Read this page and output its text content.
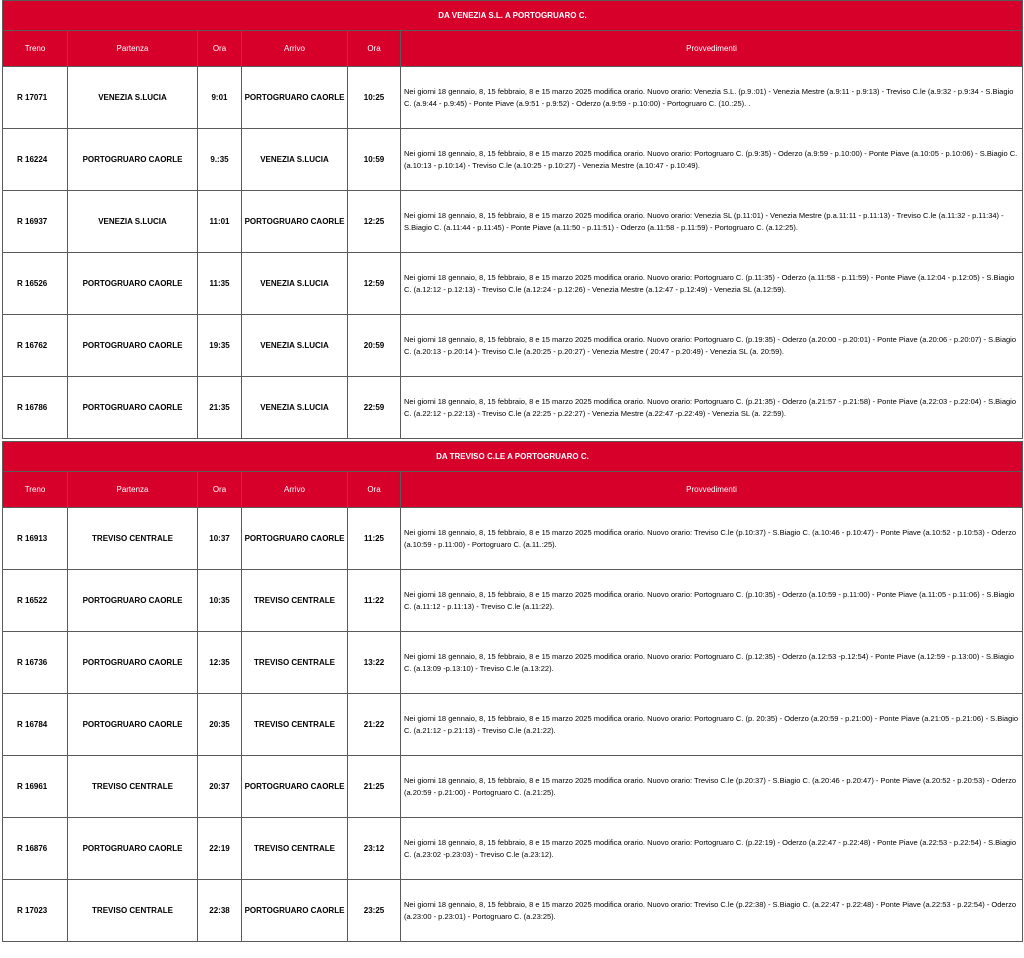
DA VENEZIA S.L. A PORTOGRUARO C.					
Treno	Partenza	Ora	Arrivo	Ora	Provvedimenti
R 17071	VENEZIA S.LUCIA	9:01	PORTOGRUARO CAORLE	10:25	Nei giorni 18 gennaio, 8, 15 febbraio, 8 e 15 marzo 2025 modifica orario. Nuovo orario: Venezia S.L. (p.9.:01) - Venezia Mestre (a.9:11 - p.9:13) - Treviso C.le (a.9:32 - p.9:34 - S.Biagio C. (a.9:44 - p.9:45) - Ponte Piave (a.9:51 - p.9:52) - Oderzo (a.9:59 - p.10:00) - Portogruaro C. (10.:25). .
R 16224	PORTOGRUARO CAORLE	9.:35	VENEZIA S.LUCIA	10:59	Nei giorni 18 gennaio, 8, 15 febbraio, 8 e 15 marzo 2025 modifica orario. Nuovo orario: Portogruaro C. (p.9:35) - Oderzo (a.9:59 - p.10:00) - Ponte Piave (a.10:05 - p.10:06) - S.Biagio C. (a.10:13 - p.10:14) - Treviso C.le (a.10:25 - p.10:27) - Venezia Mestre (a.10:47 - p.10:49).
R 16937	VENEZIA S.LUCIA	11:01	PORTOGRUARO CAORLE	12:25	Nei giorni 18 gennaio, 8, 15 febbraio, 8 e 15 marzo 2025 modifica orario. Nuovo orario: Venezia SL (p.11:01) - Venezia Mestre (p.a.11:11 - p.11:13) - Treviso C.le (a.11:32 - p.11:34) - S.Biagio C. (a.11:44 - p.11:45) - Ponte Piave (a.11:50 - p.11:51) - Oderzo (a.11:58 - p.11:59) - Portogruaro C. (a.12:25).
R 16526	PORTOGRUARO CAORLE	11:35	VENEZIA S.LUCIA	12:59	Nei giorni 18 gennaio, 8, 15 febbraio, 8 e 15 marzo 2025 modifica orario. Nuovo orario: Portogruaro C. (p.11:35) - Oderzo (a.11:58 - p.11:59) - Ponte Piave (a.12:04 - p.12:05) - S.Biagio C. (a.12:12 - p.12:13) - Treviso C.le (a.12:24 - p.12:26) - Venezia Mestre (a.12:47 - p.12:49) - Venezia SL (a.12:59).
R 16762	PORTOGRUARO CAORLE	19:35	VENEZIA S.LUCIA	20:59	Nei giorni 18 gennaio, 8, 15 febbraio, 8 e 15 marzo 2025 modifica orario. Nuovo orario: Portogruaro C. (p.19:35) - Oderzo (a.20:00 - p.20:01) - Ponte Piave (a.20:06 - p.20:07) - S.Biagio C. (a.20:13 - p.20:14 )- Treviso C.le (a.20:25 - p.20:27) - Venezia Mestre ( 20:47 - p.20:49) - Venezia SL (a. 20:59).
R 16786	PORTOGRUARO CAORLE	21:35	VENEZIA S.LUCIA	22:59	Nei giorni 18 gennaio, 8, 15 febbraio, 8 e 15 marzo 2025 modifica orario. Nuovo orario: Portogruaro C. (p.21:35) - Oderzo (a.21:57 - p.21:58) - Ponte Piave (a.22:03 - p.22:04) - S.Biagio C. (a.22:12 - p.22:13) - Treviso C.le (a 22:25 - p.22:27) - Venezia Mestre (a.22:47 -p.22:49) - Venezia SL (a. 22:59).
DA TREVISO C.LE A PORTOGRUARO C.					
Treno	Partenza	Ora	Arrivo	Ora	Provvedimenti
R 16913	TREVISO CENTRALE	10:37	PORTOGRUARO CAORLE	11:25	Nei giorni 18 gennaio, 8, 15 febbraio, 8 e 15 marzo 2025 modifica orario. Nuovo orario: Treviso C.le (p.10:37) - S.Biagio C. (a.10:46 - p.10:47) - Ponte Piave (a.10:52 - p.10:53) - Oderzo (a.10:59 - p.11:00) - Portogruaro C. (a.11.:25).
R 16522	PORTOGRUARO CAORLE	10:35	TREVISO CENTRALE	11:22	Nei giorni 18 gennaio, 8, 15 febbraio, 8 e 15 marzo 2025 modifica orario. Nuovo orario: Portogruaro C. (p.10:35) - Oderzo (a.10:59 - p.11:00) - Ponte Piave (a.11:05 - p.11:06) - S.Biagio C. (a.11:12 - p.11:13) - Treviso C.le (a.11:22).
R 16736	PORTOGRUARO CAORLE	12:35	TREVISO CENTRALE	13:22	Nei giorni 18 gennaio, 8, 15 febbraio, 8 e 15 marzo 2025 modifica orario. Nuovo orario: Portogruaro C. (p.12:35) - Oderzo (a.12:53 -p.12:54) - Ponte Piave (a.12:59 - p.13:00) - S.Biagio C. (a.13:09 -p.13:10) - Treviso C.le (a.13:22).
R 16784	PORTOGRUARO CAORLE	20:35	TREVISO CENTRALE	21:22	Nei giorni 18 gennaio, 8, 15 febbraio, 8 e 15 marzo 2025 modifica orario. Nuovo orario: Portogruaro C. (p. 20:35) - Oderzo (a.20:59 - p.21:00) - Ponte Piave (a.21:05 - p.21:06) - S.Biagio C. (a.21:12 - p.21:13) - Treviso C.le (a.21:22).
R 16961	TREVISO CENTRALE	20:37	PORTOGRUARO CAORLE	21:25	Nei giorni 18 gennaio, 8, 15 febbraio, 8 e 15 marzo 2025 modifica orario. Nuovo orario: Treviso C.le (p.20:37) - S.Biagio C. (a.20:46 - p.20:47) - Ponte Piave (a.20:52 - p.20:53) - Oderzo (a.20:59 - p.21:00) - Portogruaro C. (a.21:25).
R 16876	PORTOGRUARO CAORLE	22:19	TREVISO CENTRALE	23:12	Nei giorni 18 gennaio, 8, 15 febbraio, 8 e 15 marzo 2025 modifica orario. Nuovo orario: Portogruaro C. (p.22:19) - Oderzo (a.22:47 - p.22:48) - Ponte Piave (a.22:53 - p.22:54) - S.Biagio C. (a.23:02 -p.23:03) - Treviso C.le (a.23:12).
R 17023	TREVISO CENTRALE	22:38	PORTOGRUARO CAORLE	23:25	Nei giorni 18 gennaio, 8, 15 febbraio, 8 e 15 marzo 2025 modifica orario. Nuovo orario: Treviso C.le (p.22:38) - S.Biagio C. (a.22:47 - p.22:48) - Ponte Piave (a.22:53 - p.22:54) - Oderzo (a.23:00 - p.23:01) - Portogruaro C. (a.23:25).
